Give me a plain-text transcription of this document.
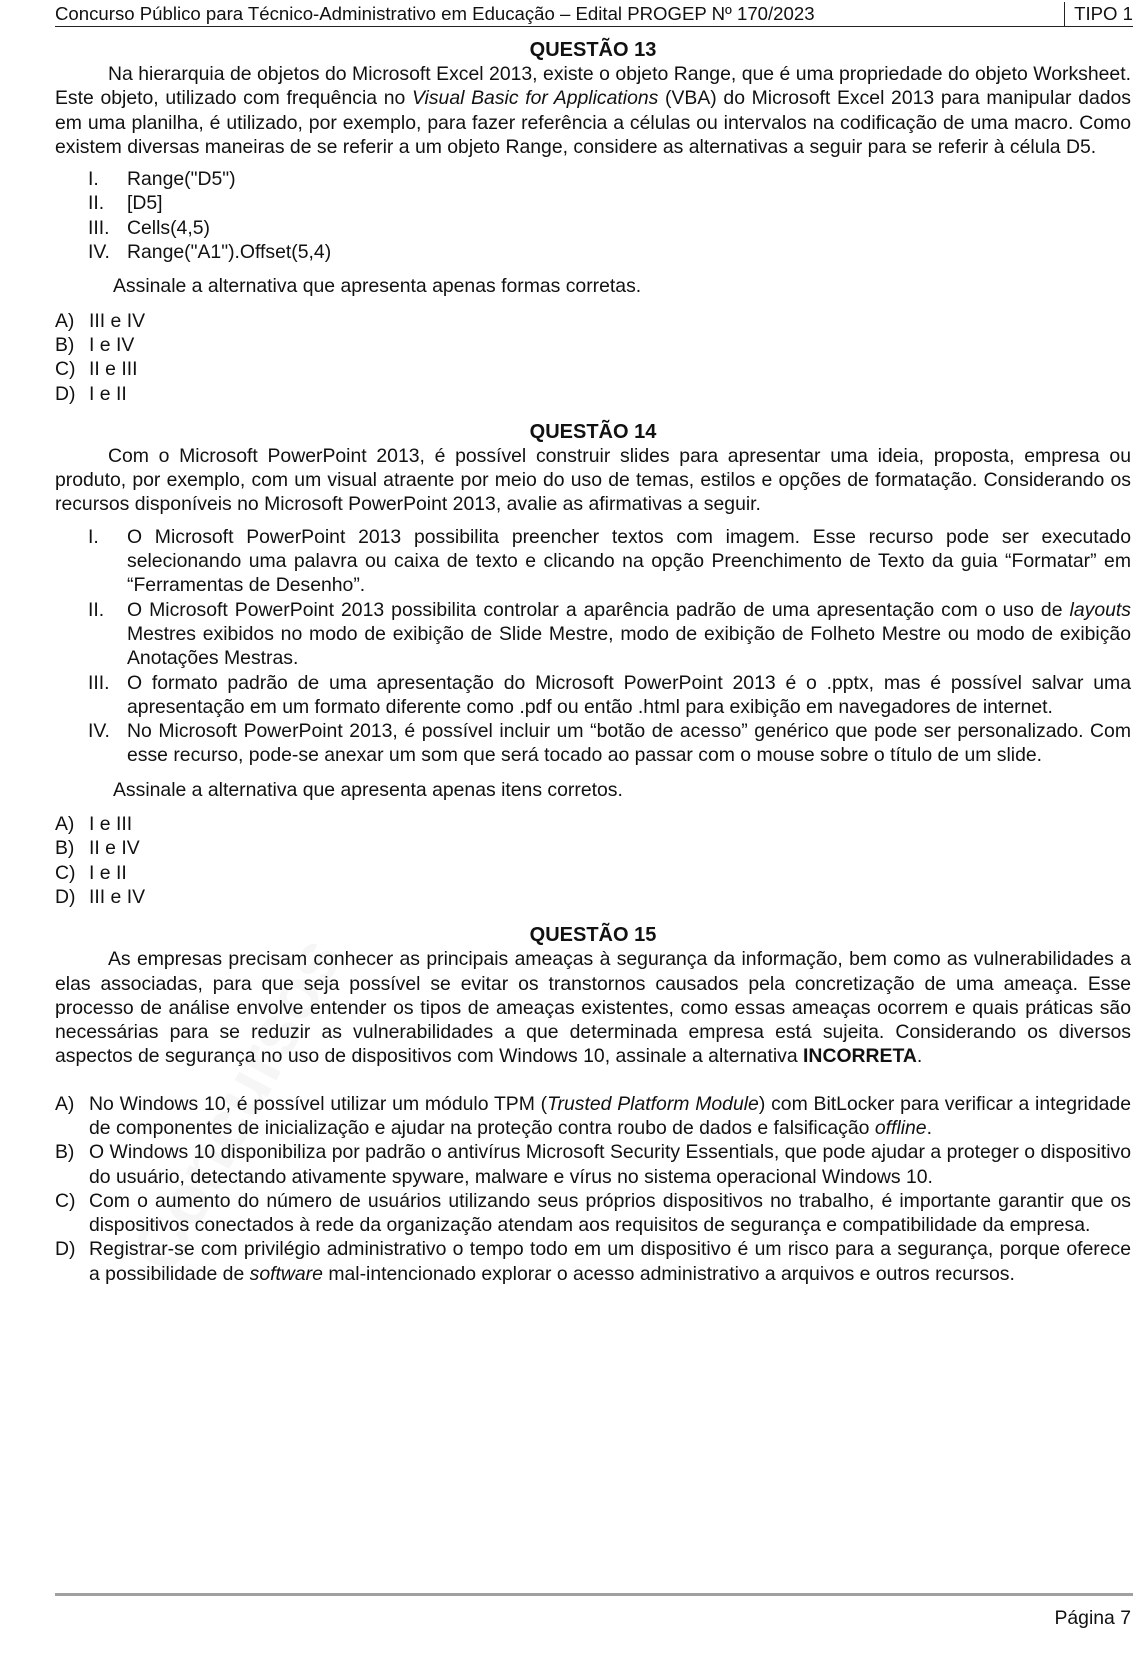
Concurso Público para Técnico-Administrativo em Educação – Edital PROGEP Nº 170/2023	TIPO 1
QUESTÃO 13

Na hierarquia de objetos do Microsoft Excel 2013, existe o objeto Range, que é uma propriedade do objeto Worksheet. Este objeto, utilizado com frequência no Visual Basic for Applications (VBA) do Microsoft Excel 2013 para manipular dados em uma planilha, é utilizado, por exemplo, para fazer referência a células ou intervalos na codificação de uma macro. Como existem diversas maneiras de se referir a um objeto Range, considere as alternativas a seguir para se referir à célula D5.

I. Range("D5")
II. [D5]
III. Cells(4,5)
IV. Range("A1").Offset(5,4)

Assinale a alternativa que apresenta apenas formas corretas.

A) III e IV
B) I e IV
C) II e III
D) I e II
QUESTÃO 14

Com o Microsoft PowerPoint 2013, é possível construir slides para apresentar uma ideia, proposta, empresa ou produto, por exemplo, com um visual atraente por meio do uso de temas, estilos e opções de formatação. Considerando os recursos disponíveis no Microsoft PowerPoint 2013, avalie as afirmativas a seguir.

I. O Microsoft PowerPoint 2013 possibilita preencher textos com imagem. Esse recurso pode ser executado selecionando uma palavra ou caixa de texto e clicando na opção Preenchimento de Texto da guia “Formatar” em “Ferramentas de Desenho”.
II. O Microsoft PowerPoint 2013 possibilita controlar a aparência padrão de uma apresentação com o uso de layouts Mestres exibidos no modo de exibição de Slide Mestre, modo de exibição de Folheto Mestre ou modo de exibição Anotações Mestras.
III. O formato padrão de uma apresentação do Microsoft PowerPoint 2013 é o .pptx, mas é possível salvar uma apresentação em um formato diferente como .pdf ou então .html para exibição em navegadores de internet.
IV. No Microsoft PowerPoint 2013, é possível incluir um “botão de acesso” genérico que pode ser personalizado. Com esse recurso, pode-se anexar um som que será tocado ao passar com o mouse sobre o título de um slide.

Assinale a alternativa que apresenta apenas itens corretos.

A) I e III
B) II e IV
C) I e II
D) III e IV
QUESTÃO 15

As empresas precisam conhecer as principais ameaças à segurança da informação, bem como as vulnerabilidades a elas associadas, para que seja possível se evitar os transtornos causados pela concretização de uma ameaça. Esse processo de análise envolve entender os tipos de ameaças existentes, como essas ameaças ocorrem e quais práticas são necessárias para se reduzir as vulnerabilidades a que determinada empresa está sujeita. Considerando os diversos aspectos de segurança no uso de dispositivos com Windows 10, assinale a alternativa INCORRETA.

A) No Windows 10, é possível utilizar um módulo TPM (Trusted Platform Module) com BitLocker para verificar a integridade de componentes de inicialização e ajudar na proteção contra roubo de dados e falsificação offline.
B) O Windows 10 disponibiliza por padrão o antivírus Microsoft Security Essentials, que pode ajudar a proteger o dispositivo do usuário, detectando ativamente spyware, malware e vírus no sistema operacional Windows 10.
C) Com o aumento do número de usuários utilizando seus próprios dispositivos no trabalho, é importante garantir que os dispositivos conectados à rede da organização atendam aos requisitos de segurança e compatibilidade da empresa.
D) Registrar-se com privilégio administrativo o tempo todo em um dispositivo é um risco para a segurança, porque oferece a possibilidade de software mal-intencionado explorar o acesso administrativo a arquivos e outros recursos.
Página 7
